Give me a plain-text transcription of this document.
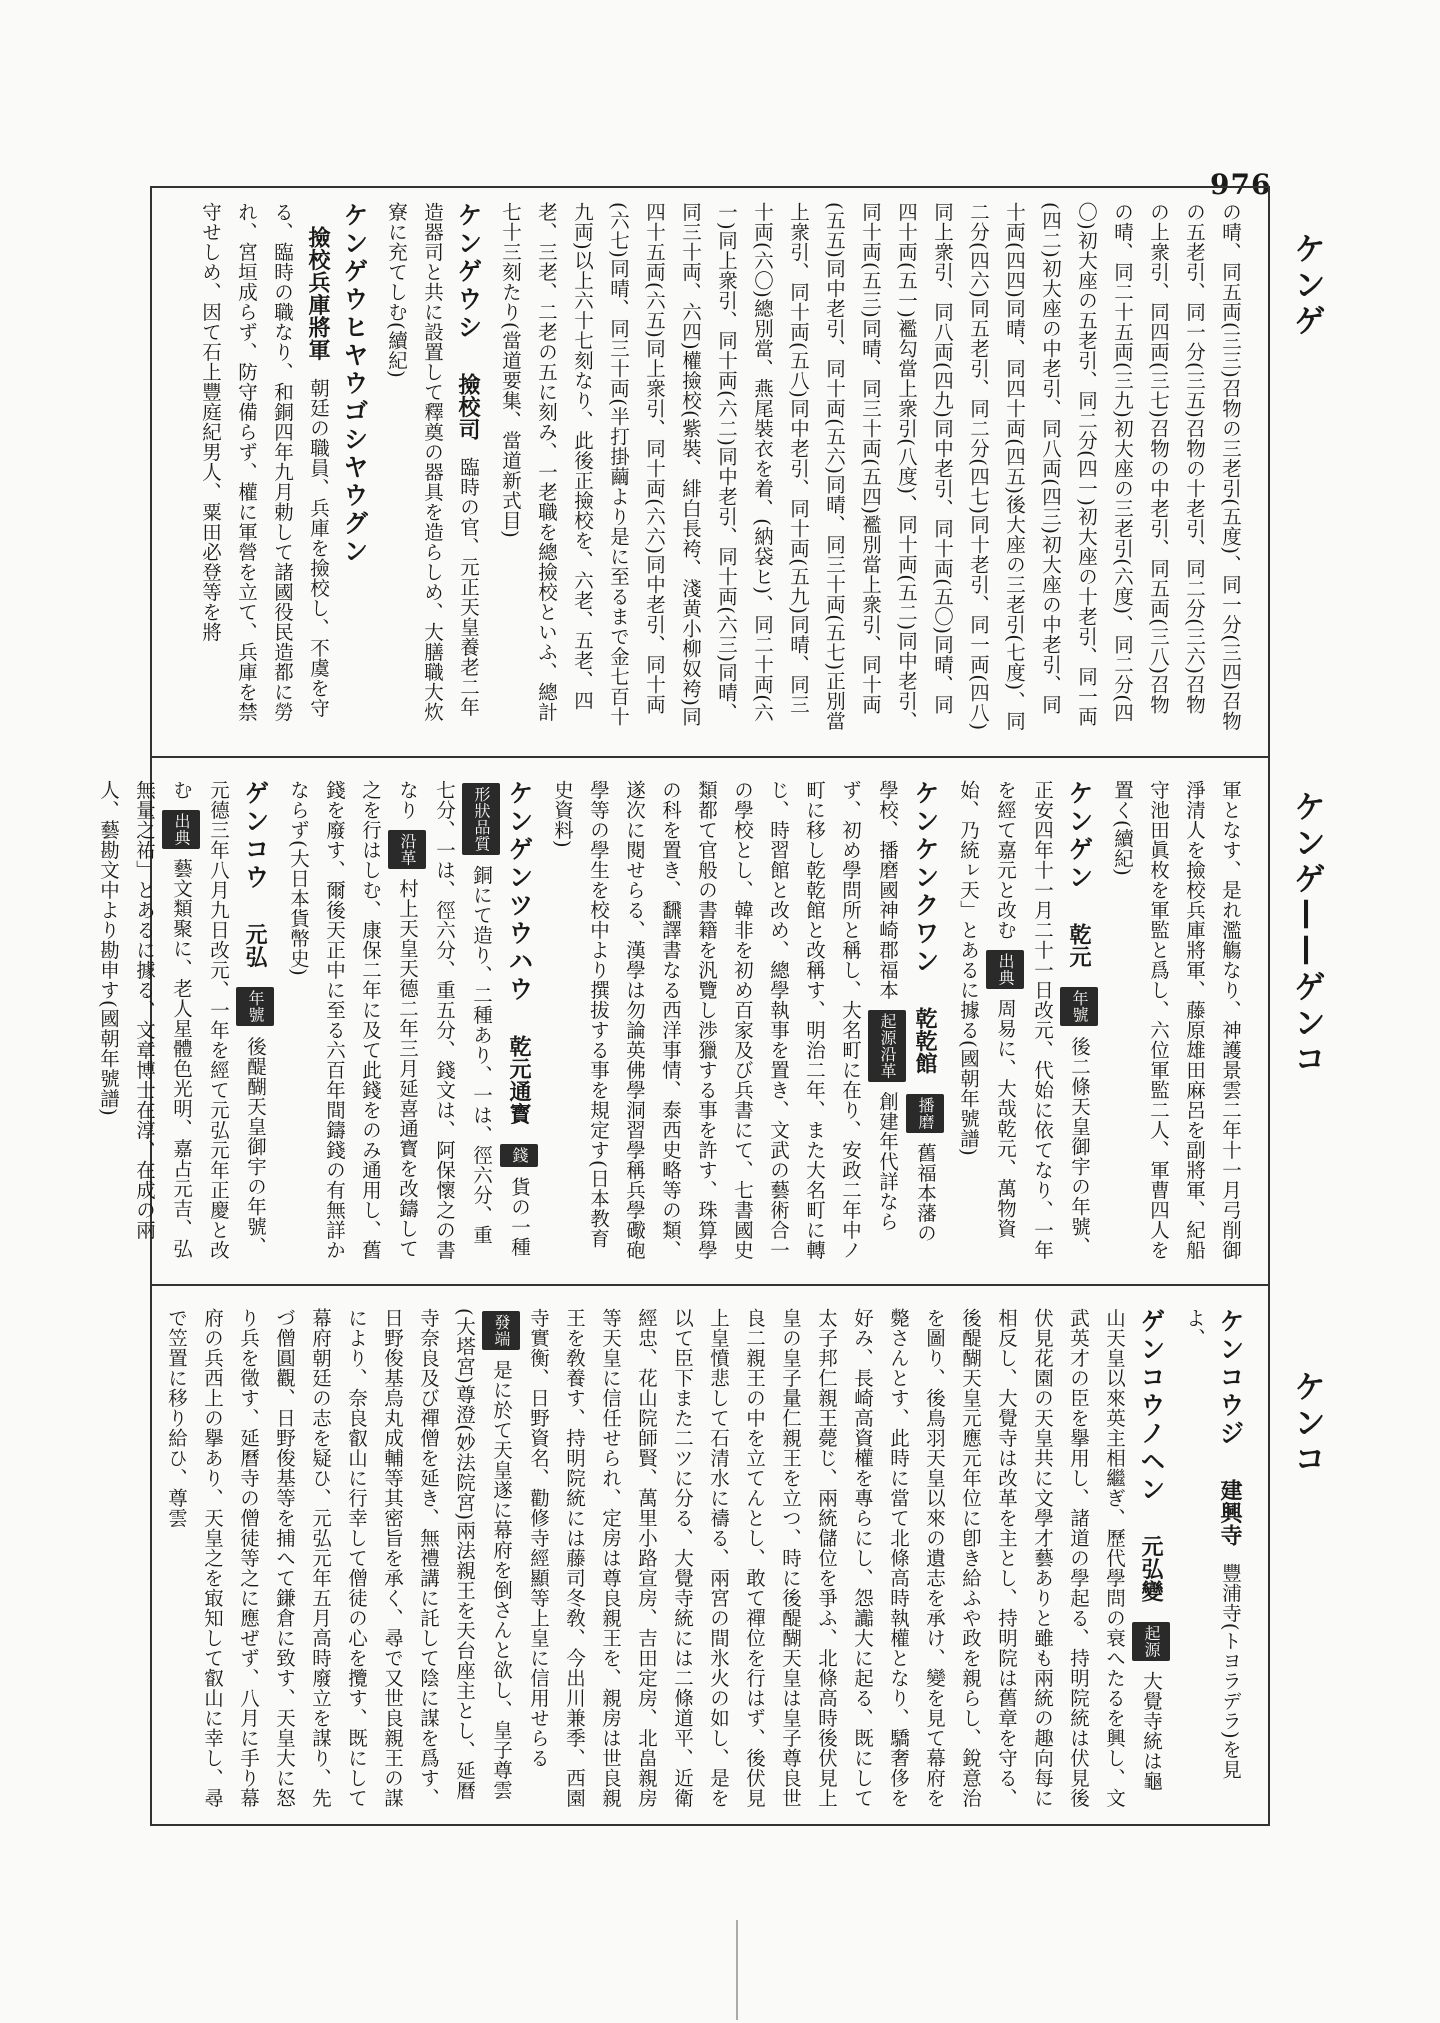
976
ケンゲ
ケンゲ——ゲンコ
ケンコ
の晴、同五両(三三)召物の三老引(五度)、同一分(三四)召物の五老引、同一分(三五)召物の十老引、同二分(三六)召物の上衆引、同四両(三七)召物の中老引、同五両(三八)召物の晴、同二十五両(三九)初大座の三老引(六度)、同二分(四〇)初大座の五老引、同二分(四一)初大座の十老引、同一両(四二)初大座の中老引、同八両(四三)初大座の中老引、同十両(四四)同晴、同四十両(四五)後大座の三老引(七度)、同二分(四六)同五老引、同二分(四七)同十老引、同一両(四八)同上衆引、同八両(四九)同中老引、同十両(五〇)同晴、同四十両(五一)襤勾當上衆引(八度)、同十両(五二)同中老引、同十両(五三)同晴、同三十両(五四)襤別當上衆引、同十両(五五)同中老引、同十両(五六)同晴、同三十両(五七)正別當上衆引、同十両(五八)同中老引、同十両(五九)同晴、同三十両(六〇)總別當、燕尾裝衣を着、(納袋ヒ)、同二十両(六一)同上衆引、同十両(六二)同中老引、同十両(六三)同晴、同三十両、六四)權撿校(紫裝、緋白長袴、淺黄小柳奴袴)同四十五両(六五)同上衆引、同十両(六六)同中老引、同十両(六七)同晴、同三十両(半打掛繭より是に至るまで金七百十九両)以上六十七刻なり、此後正撿校を、六老、五老、四老、三老、二老の五に刻み、一老職を總撿校といふ、總計七十三刻たり(當道要集、當道新式目)
ケンゲウシ 撿校司 臨時の官、元正天皇養老二年造器司と共に設置して釋奠の器具を造らしめ、大膳職大炊寮に充てしむ(續紀)
ケンゲウヒヤウゴシヤウグン 撿校兵庫將軍 朝廷の職員、兵庫を撿校し、不虞を守る、臨時の職なり、和銅四年九月勅して諸國役民造都に勞れ、宮垣成らず、防守備らず、權に軍營を立て、兵庫を禁守せしめ、因て石上豐庭紀男人、粟田必登等を將
軍となす、是れ濫觴なり、神護景雲二年十一月弓削御淨清人を撿校兵庫將軍、藤原雄田麻呂を副將軍、紀船守池田眞枚を軍監と爲し、六位軍監二人、軍曹四人を置く(續紀)
ケンゲン 乾元 年號 後二條天皇御宇の年號、正安四年十一月二十一日改元、代始に依てなり、一年を經て嘉元と改む 出典 周易に、大哉乾元、萬物資始、乃統ㇾ天」とあるに據る(國朝年號譜)
ケンケンクワン 乾乾館 播磨 舊福本藩の學校、播磨國神崎郡福本 起源沿革 創建年代詳ならず、初め學問所と稱し、大名町に在り、安政二年中ノ町に移し乾乾館と改稱す、明治二年、また大名町に轉じ、時習館と改め、總學執事を置き、文武の藝術合一の學校とし、韓非を初め百家及び兵書にて、七書國史類都て官般の書籍を汎覽し渉獵する事を許す、珠算學の科を置き、飜譯書なる西洋事情、泰西史略等の類、遂次に閱せらる、漢學は勿論英佛學洞習學稱兵學礮砲學等の學生を校中より撰拔する事を規定す(日本教育史資料)
ケンゲンツウハウ 乾元通寳 錢 貨の一種 形狀品質 銅にて造り、二種あり、一は、徑六分、重七分、一は、徑六分、重五分、錢文は、阿保懷之の書なり 沿革 村上天皇天德二年三月延喜通寳を改鑄して之を行はしむ、康保二年に及て此錢をのみ通用し、舊錢を廢す、爾後天正中に至る六百年間鑄錢の有無詳かならず(大日本貨幣史)
ゲンコウ 元弘 年號 後醍醐天皇御宇の年號、元德三年八月九日改元、一年を經て元弘元年正慶と改む 出典 藝文類聚に、老人星體色光明、嘉占元吉、弘無量之祐」とあるに據る、文章博士在淳、在成の兩人、藝勘文中より勘申す(國朝年號譜)
ケンコウジ 建興寺 豐浦寺(トヨラデラ)を見よ、
ゲンコウノヘン 元弘變 起源 大覺寺統は龜山天皇以來英主相繼ぎ、歷代學問の衰へたるを興し、文武英才の臣を擧用し、諸道の學起る、持明院統は伏見後伏見花園の天皇共に文學才藝ありと雖も兩統の趣向每に相反し、大覺寺は改革を主とし、持明院は舊章を守る、後醍醐天皇元應元年位に卽き給ふや政を親らし、銳意治を圖り、後鳥羽天皇以來の遺志を承け、變を見て幕府を斃さんとす、此時に當て北條高時執權となり、驕奢侈を好み、長崎高資權を專らにし、怨讟大に起る、既にして太子邦仁親王薨じ、兩統儲位を爭ふ、北條高時後伏見上皇の皇子量仁親王を立つ、時に後醍醐天皇は皇子尊良世良二親王の中を立てんとし、敢て禪位を行はず、後伏見上皇憤悲して石清水に禱る、兩宮の間氷火の如し、是を以て臣下また二ツに分る、大覺寺統には二條道平、近衛經忠、花山院師賢、萬里小路宣房、吉田定房、北畠親房等天皇に信任せられ、定房は尊良親王を、親房は世良親王を敎養す、持明院統には藤司冬敎、今出川兼季、西園寺實衡、日野資名、勸修寺經顯等上皇に信用せらる 發端 是に於て天皇遂に幕府を倒さんと欲し、皇子尊雲(大塔宮)尊澄(妙法院宮)兩法親王を天台座主とし、延曆寺奈良及び禪僧を延き、無禮講に託して陰に謀を爲す、日野俊基烏丸成輔等其密旨を承く、尋で又世良親王の謀により、奈良叡山に行幸して僧徒の心を攬す、既にして幕府朝廷の志を疑ひ、元弘元年五月高時廢立を謀り、先づ僧圓觀、日野俊基等を捕へて鎌倉に致す、天皇大に怒り兵を徵す、延曆寺の僧徒等之に應ぜず、八月に手り幕府の兵西上の擧あり、天皇之を㝡知して叡山に幸し、尋で笠置に移り給ひ、尊雲
